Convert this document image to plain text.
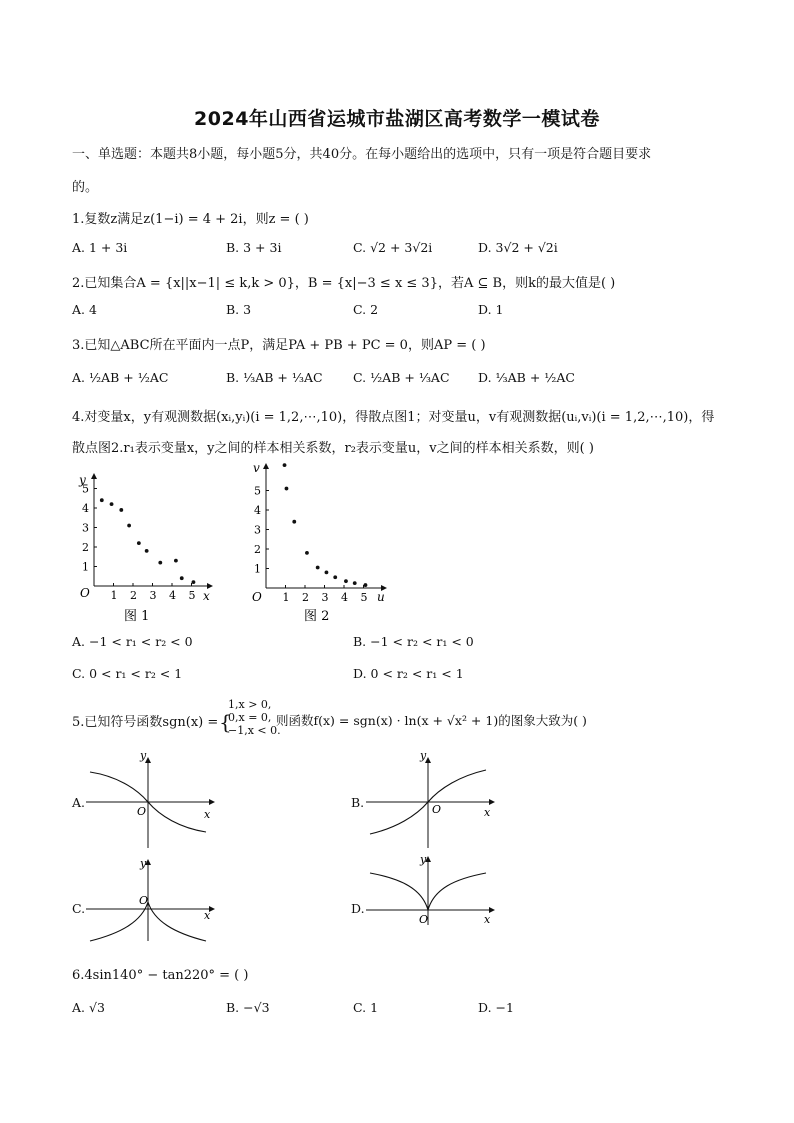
2024年山西省运城市盐湖区高考数学一模试卷
一、单选题：本题共8小题，每小题5分，共40分。在每小题给出的选项中，只有一项是符合题目要求
的。
1.复数z满足z(1−i) = 4 + 2i，则z = ( )
A. 1 + 3i	B. 3 + 3i	C. √2 + 3√2i	D. 3√2 + √2i
2.已知集合A = {x||x−1| ≤ k,k > 0}，B = {x|−3 ≤ x ≤ 3}，若A ⊆ B，则k的最大值是( )
A. 4	B. 3	C. 2	D. 1
3.已知△ABC所在平面内一点P，满足PA + PB + PC = 0，则AP = ( )
A. ½AB + ½AC	B. ⅓AB + ⅓AC C. ½AB + ⅓AC D. ⅓AB + ½AC
4.对变量x，y有观测数据(xᵢ,yᵢ)(i = 1,2,⋯,10)，得散点图1；对变量u，v有观测数据(uᵢ,vᵢ)(i = 1,2,⋯,10)，得
散点图2.r₁表示变量x，y之间的样本相关系数，r₂表示变量u，v之间的样本相关系数，则( )
O	x
y
1 2 3 4 5
1
2
3
4
5
图 1
O	u
v
1 2 3 4 5
1
2
3
4
5
图 2
A. −1 < r₁ < r₂ < 0	B. −1 < r₂ < r₁ < 0
C. 0 < r₁ < r₂ < 1	D. 0 < r₂ < r₁ < 1
5.已知符号函数sgn(x) = {
1,x > 0,
0,x = 0,
−1,x < 0.
则函数f(x) = sgn(x) · ln(x + √x² + 1)的图象大致为( )
A.
y
x
O
B.
y
x
O
C.
y
x
O
D.
y
x
O
6.4sin140° − tan220° = ( )
A. √3	B. −√3	C. 1	D. −1
